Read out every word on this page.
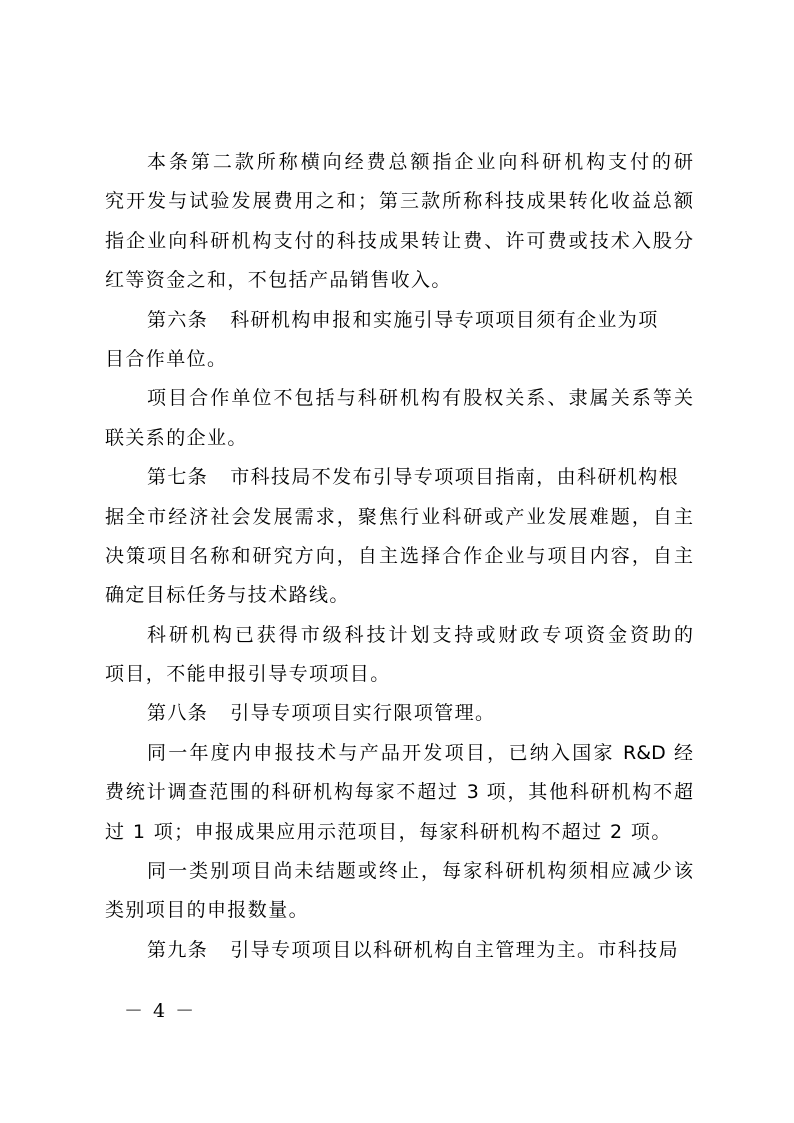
本条第二款所称横向经费总额指企业向科研机构支付的研
究开发与试验发展费用之和；第三款所称科技成果转化收益总额
指企业向科研机构支付的科技成果转让费、许可费或技术入股分
红等资金之和，不包括产品销售收入。
第六条 科研机构申报和实施引导专项项目须有企业为项
目合作单位。
项目合作单位不包括与科研机构有股权关系、隶属关系等关
联关系的企业。
第七条 市科技局不发布引导专项项目指南，由科研机构根
据全市经济社会发展需求，聚焦行业科研或产业发展难题，自主
决策项目名称和研究方向，自主选择合作企业与项目内容，自主
确定目标任务与技术路线。
科研机构已获得市级科技计划支持或财政专项资金资助的
项目，不能申报引导专项项目。
第八条 引导专项项目实行限项管理。
同一年度内申报技术与产品开发项目，已纳入国家 R&D 经
费统计调查范围的科研机构每家不超过 3 项，其他科研机构不超
过 1 项；申报成果应用示范项目，每家科研机构不超过 2 项。
同一类别项目尚未结题或终止，每家科研机构须相应减少该
类别项目的申报数量。
第九条 引导专项项目以科研机构自主管理为主。市科技局
－ 4 －
